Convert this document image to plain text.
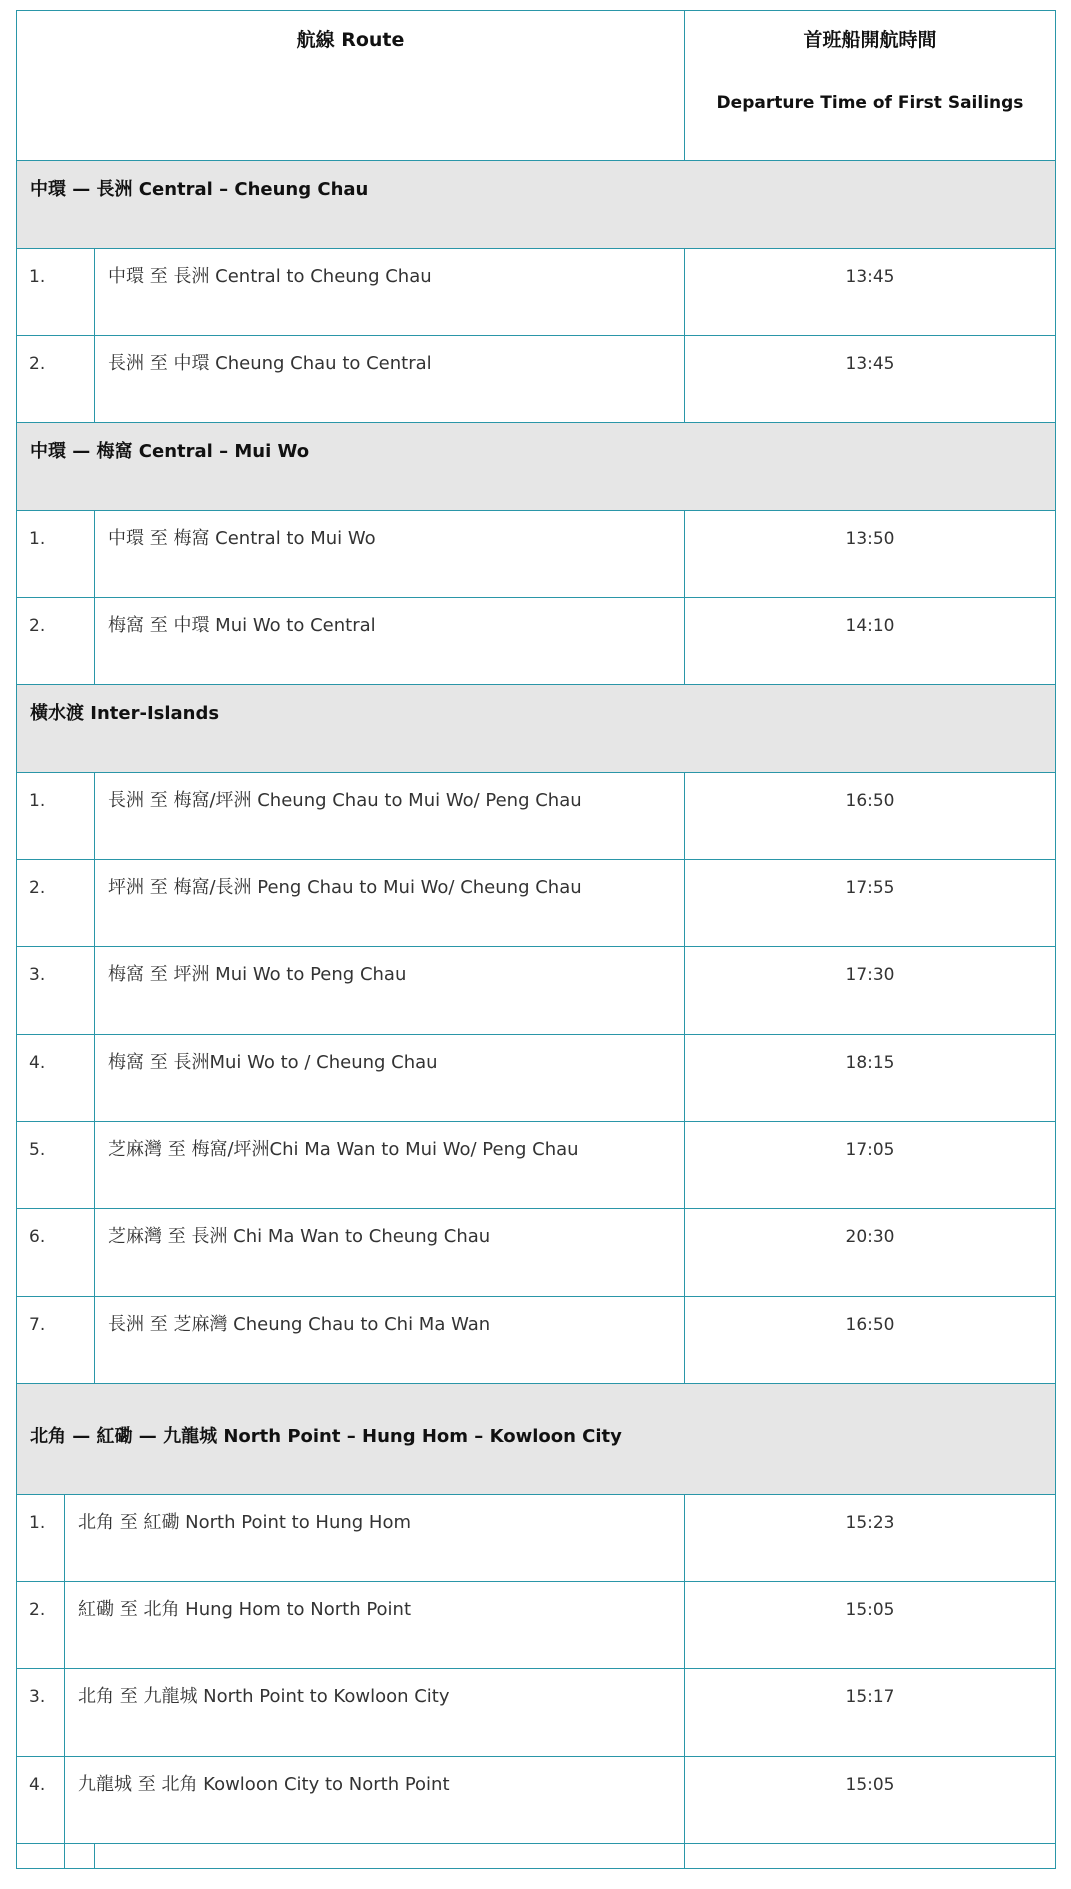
航線 Route	首班船開航時間
Departure Time of First Sailings
中環 — 長洲 Central – Cheung Chau
1.	中環 至 長洲 Central to Cheung Chau	13:45
2.	長洲 至 中環 Cheung Chau to Central	13:45
中環 — 梅窩 Central – Mui Wo
1.	中環 至 梅窩 Central to Mui Wo	13:50
2.	梅窩 至 中環 Mui Wo to Central	14:10
橫水渡 Inter-Islands
1.	長洲 至 梅窩/坪洲 Cheung Chau to Mui Wo/ Peng Chau	16:50
2.	坪洲 至 梅窩/長洲 Peng Chau to Mui Wo/ Cheung Chau	17:55
3.	梅窩 至 坪洲 Mui Wo to Peng Chau	17:30
4.	梅窩 至 長洲Mui Wo to / Cheung Chau	18:15
5.	芝麻灣 至 梅窩/坪洲Chi Ma Wan to Mui Wo/ Peng Chau	17:05
6.	芝麻灣 至 長洲 Chi Ma Wan to Cheung Chau	20:30
7.	長洲 至 芝麻灣 Cheung Chau to Chi Ma Wan	16:50
北角 — 紅磡 — 九龍城 North Point – Hung Hom – Kowloon City
1. 北角 至 紅磡 North Point to Hung Hom	15:23
2. 紅磡 至 北角 Hung Hom to North Point	15:05
3. 北角 至 九龍城 North Point to Kowloon City	15:17
4. 九龍城 至 北角 Kowloon City to North Point	15:05
